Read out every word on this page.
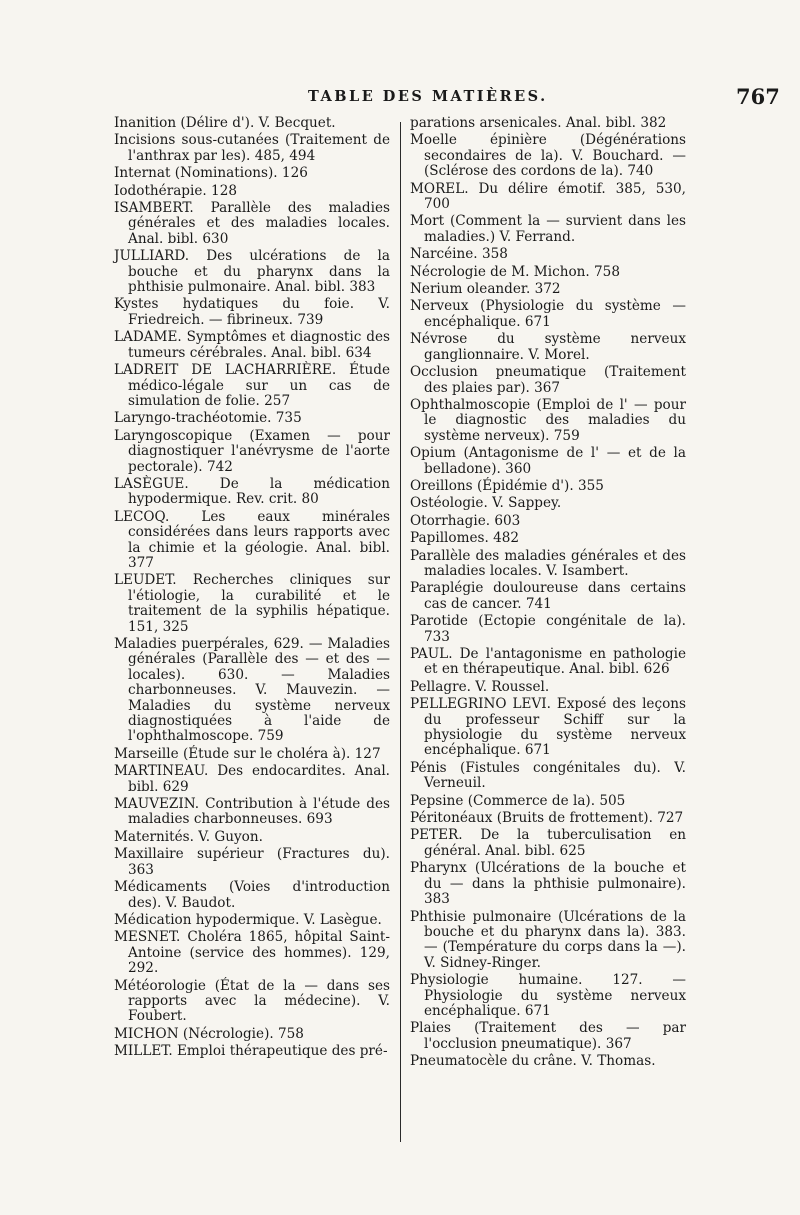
TABLE DES MATIÈRES.	767

Inanition (Délire d'). V. Becquet.

Incisions sous-cutanées (Traitement de l'anthrax par les). 485, 494

Internat (Nominations). 126

Iodothérapie. 128

ISAMBERT. Parallèle des maladies générales et des maladies locales. Anal. bibl. 630

JULLIARD. Des ulcérations de la bouche et du pharynx dans la phthisie pulmonaire. Anal. bibl. 383

Kystes hydatiques du foie. V. Friedreich. — fibrineux. 739

LADAME. Symptômes et diagnostic des tumeurs cérébrales. Anal. bibl. 634

LADREIT DE LACHARRIÈRE. Étude médico-légale sur un cas de simulation de folie. 257

Laryngo-trachéotomie. 735

Laryngoscopique (Examen — pour diagnostiquer l'anévrysme de l'aorte pectorale). 742

LASÈGUE. De la médication hypodermique. Rev. crit. 80

LECOQ. Les eaux minérales considérées dans leurs rapports avec la chimie et la géologie. Anal. bibl. 377

LEUDET. Recherches cliniques sur l'étiologie, la curabilité et le traitement de la syphilis hépatique. 151, 325

Maladies puerpérales, 629. — Maladies générales (Parallèle des — et des — locales). 630. — Maladies charbonneuses. V. Mauvezin. — Maladies du système nerveux diagnostiquées à l'aide de l'ophthalmoscope. 759

Marseille (Étude sur le choléra à). 127

MARTINEAU. Des endocardites. Anal. bibl. 629

MAUVEZIN. Contribution à l'étude des maladies charbonneuses. 693

Maternités. V. Guyon.

Maxillaire supérieur (Fractures du). 363

Médicaments (Voies d'introduction des). V. Baudot.

Médication hypodermique. V. Lasègue.

MESNET. Choléra 1865, hôpital Saint-Antoine (service des hommes). 129, 292.

Météorologie (État de la — dans ses rapports avec la médecine). V. Foubert.

MICHON (Nécrologie). 758

MILLET. Emploi thérapeutique des pré-

parations arsenicales. Anal. bibl. 382

Moelle épinière (Dégénérations secondaires de la). V. Bouchard. — (Sclérose des cordons de la). 740

MOREL. Du délire émotif. 385, 530, 700

Mort (Comment la — survient dans les maladies.) V. Ferrand.

Narcéine. 358

Nécrologie de M. Michon. 758

Nerium oleander. 372

Nerveux (Physiologie du système — encéphalique. 671

Névrose du système nerveux ganglionnaire. V. Morel.

Occlusion pneumatique (Traitement des plaies par). 367

Ophthalmoscopie (Emploi de l' — pour le diagnostic des maladies du système nerveux). 759

Opium (Antagonisme de l' — et de la belladone). 360

Oreillons (Épidémie d'). 355

Ostéologie. V. Sappey.

Otorrhagie. 603

Papillomes. 482

Parallèle des maladies générales et des maladies locales. V. Isambert.

Paraplégie douloureuse dans certains cas de cancer. 741

Parotide (Ectopie congénitale de la). 733

PAUL. De l'antagonisme en pathologie et en thérapeutique. Anal. bibl. 626

Pellagre. V. Roussel.

PELLEGRINO LEVI. Exposé des leçons du professeur Schiff sur la physiologie du système nerveux encéphalique. 671

Pénis (Fistules congénitales du). V. Verneuil.

Pepsine (Commerce de la). 505

Péritonéaux (Bruits de frottement). 727

PETER. De la tuberculisation en général. Anal. bibl. 625

Pharynx (Ulcérations de la bouche et du — dans la phthisie pulmonaire). 383

Phthisie pulmonaire (Ulcérations de la bouche et du pharynx dans la). 383. — (Température du corps dans la —). V. Sidney-Ringer.

Physiologie humaine. 127. — Physiologie du système nerveux encéphalique. 671

Plaies (Traitement des — par l'occlusion pneumatique). 367

Pneumatocèle du crâne. V. Thomas.
